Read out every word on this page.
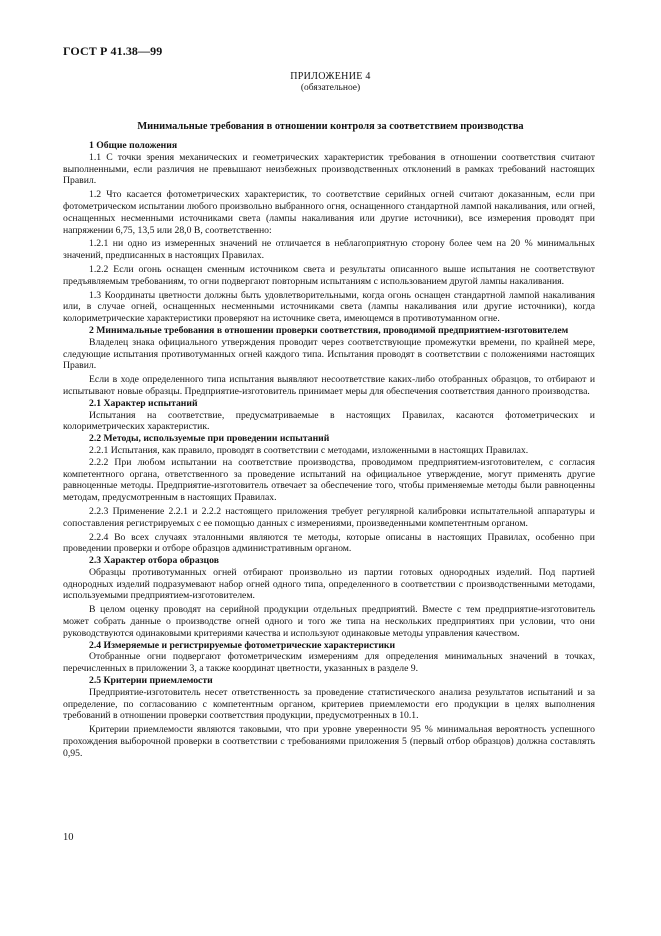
ГОСТ Р 41.38—99
ПРИЛОЖЕНИЕ 4
(обязательное)
Минимальные требования в отношении контроля за соответствием производства

1 Общие положения

1.1 С точки зрения механических и геометрических характеристик требования в отношении соответствия считают выполненными, если различия не превышают неизбежных производственных отклонений в рамках требований настоящих Правил.

1.2 Что касается фотометрических характеристик, то соответствие серийных огней считают доказанным, если при фотометрическом испытании любого произвольно выбранного огня, оснащенного стандартной лампой накаливания, или огней, оснащенных несменными источниками света (лампы накаливания или другие источники), все измерения проводят при напряжении 6,75, 13,5 или 28,0 В, соответственно:

1.2.1 ни одно из измеренных значений не отличается в неблагоприятную сторону более чем на 20 % минимальных значений, предписанных в настоящих Правилах.

1.2.2 Если огонь оснащен сменным источником света и результаты описанного выше испытания не соответствуют предъявляемым требованиям, то огни подвергают повторным испытаниям с использованием другой лампы накаливания.

1.3 Координаты цветности должны быть удовлетворительными, когда огонь оснащен стандартной лампой накаливания или, в случае огней, оснащенных несменными источниками света (лампы накаливания или другие источники), когда колориметрические характеристики проверяют на источнике света, имеющемся в противотуманном огне.

2 Минимальные требования в отношении проверки соответствия, проводимой предприятием-изготовителем

Владелец знака официального утверждения проводит через соответствующие промежутки времени, по крайней мере, следующие испытания противотуманных огней каждого типа. Испытания проводят в соответствии с положениями настоящих Правил.

Если в ходе определенного типа испытания выявляют несоответствие каких-либо отобранных образцов, то отбирают и испытывают новые образцы. Предприятие-изготовитель принимает меры для обеспечения соответствия данного производства.

2.1 Характер испытаний

Испытания на соответствие, предусматриваемые в настоящих Правилах, касаются фотометрических и колориметрических характеристик.

2.2 Методы, используемые при проведении испытаний

2.2.1 Испытания, как правило, проводят в соответствии с методами, изложенными в настоящих Правилах.

2.2.2 При любом испытании на соответствие производства, проводимом предприятием-изготовителем, с согласия компетентного органа, ответственного за проведение испытаний на официальное утверждение, могут применять другие равноценные методы. Предприятие-изготовитель отвечает за обеспечение того, чтобы применяемые методы были равноценны методам, предусмотренным в настоящих Правилах.

2.2.3 Применение 2.2.1 и 2.2.2 настоящего приложения требует регулярной калибровки испытательной аппаратуры и сопоставления регистрируемых с ее помощью данных с измерениями, произведенными компетентным органом.

2.2.4 Во всех случаях эталонными являются те методы, которые описаны в настоящих Правилах, особенно при проведении проверки и отборе образцов административным органом.

2.3 Характер отбора образцов

Образцы противотуманных огней отбирают произвольно из партии готовых однородных изделий. Под партией однородных изделий подразумевают набор огней одного типа, определенного в соответствии с производственными методами, используемыми предприятием-изготовителем.

В целом оценку проводят на серийной продукции отдельных предприятий. Вместе с тем предприятие-изготовитель может собрать данные о производстве огней одного и того же типа на нескольких предприятиях при условии, что они руководствуются одинаковыми критериями качества и используют одинаковые методы управления качеством.

2.4 Измеряемые и регистрируемые фотометрические характеристики

Отобранные огни подвергают фотометрическим измерениям для определения минимальных значений в точках, перечисленных в приложении 3, а также координат цветности, указанных в разделе 9.

2.5 Критерии приемлемости

Предприятие-изготовитель несет ответственность за проведение статистического анализа результатов испытаний и за определение, по согласованию с компетентным органом, критериев приемлемости его продукции в целях выполнения требований в отношении проверки соответствия продукции, предусмотренных в 10.1.

Критерии приемлемости являются таковыми, что при уровне уверенности 95 % минимальная вероятность успешного прохождения выборочной проверки в соответствии с требованиями приложения 5 (первый отбор образцов) должна составлять 0,95.

10
